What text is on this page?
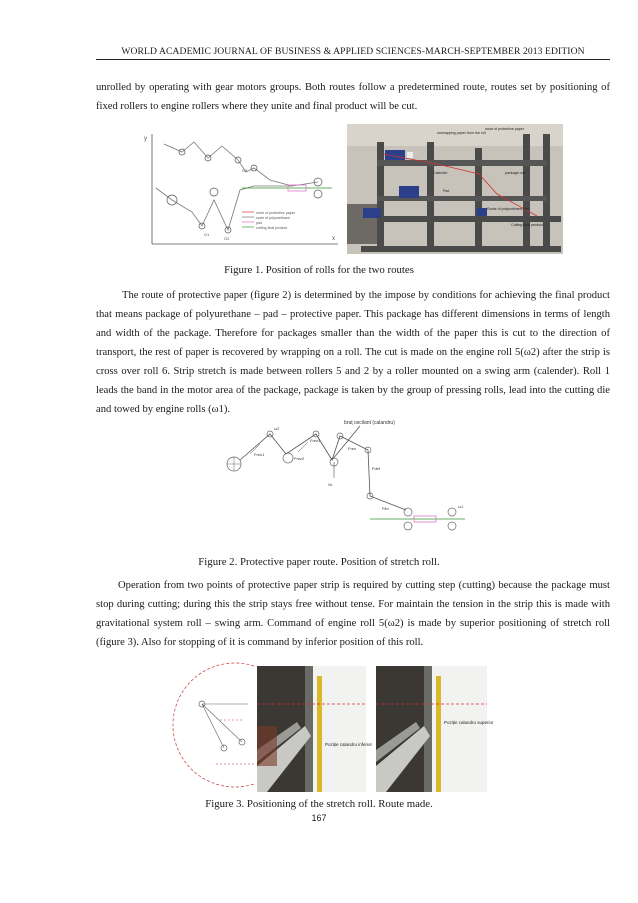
WORLD ACADEMIC JOURNAL OF BUSINESS & APPLIED SCIENCES-MARCH-SEPTEMBER 2013 EDITION

unrolled by operating with gear motors groups. Both routes follow a predetermined route, routes set by positioning of fixed rollers to engine rollers where they unite and final product will be cut.

y
x
G1
G2
G3
route of protective paper
route of polyurethane
pad
cutting final product
unwrapping paper from the roll
route of protective paper
Calender	package row
Pad
Route of polyurethane film
Cutting final product
Figure 1. Position of rolls for the two routes

The route of protective paper (figure 2) is determined by the impose by conditions for achieving the final product that means package of polyurethane – pad – protective paper. This package has different dimensions in terms of length and width of the package. Therefore for packages smaller than the width of the paper this is cut to the direction of transport, the rest of paper is recovered by wrapping on a roll. The cut is made on the engine roll 5(ω2) after the strip is cross over roll 6. Strip stretch is made between rollers 5 and 2 by a roller mounted on a swing arm (calender). Roll 1 leads the band in the motor area of the package, package is taken by the group of pressing rolls, lead into the cutting die and towed by engine rolls (ω1).

braț oscilant (calandru)
Frez1
Frez2
Frez3
Fdef
Frez
Ffin
Gr
ω2
ω1
Figure 2. Protective paper route. Position of stretch roll.

Operation from two points of protective paper strip is required by cutting step (cutting) because the package must stop during cutting; during this the strip stays free without tense. For maintain the tension in the strip this is made with gravitational system roll – swing arm. Command of engine roll 5(ω2) is made by superior positioning of stretch roll (figure 3). Also for stopping of it is command by inferior position of this roll.

Poziție calandru inferior
Poziție calandru superior
Figure 3. Positioning of the stretch roll. Route made.
167
